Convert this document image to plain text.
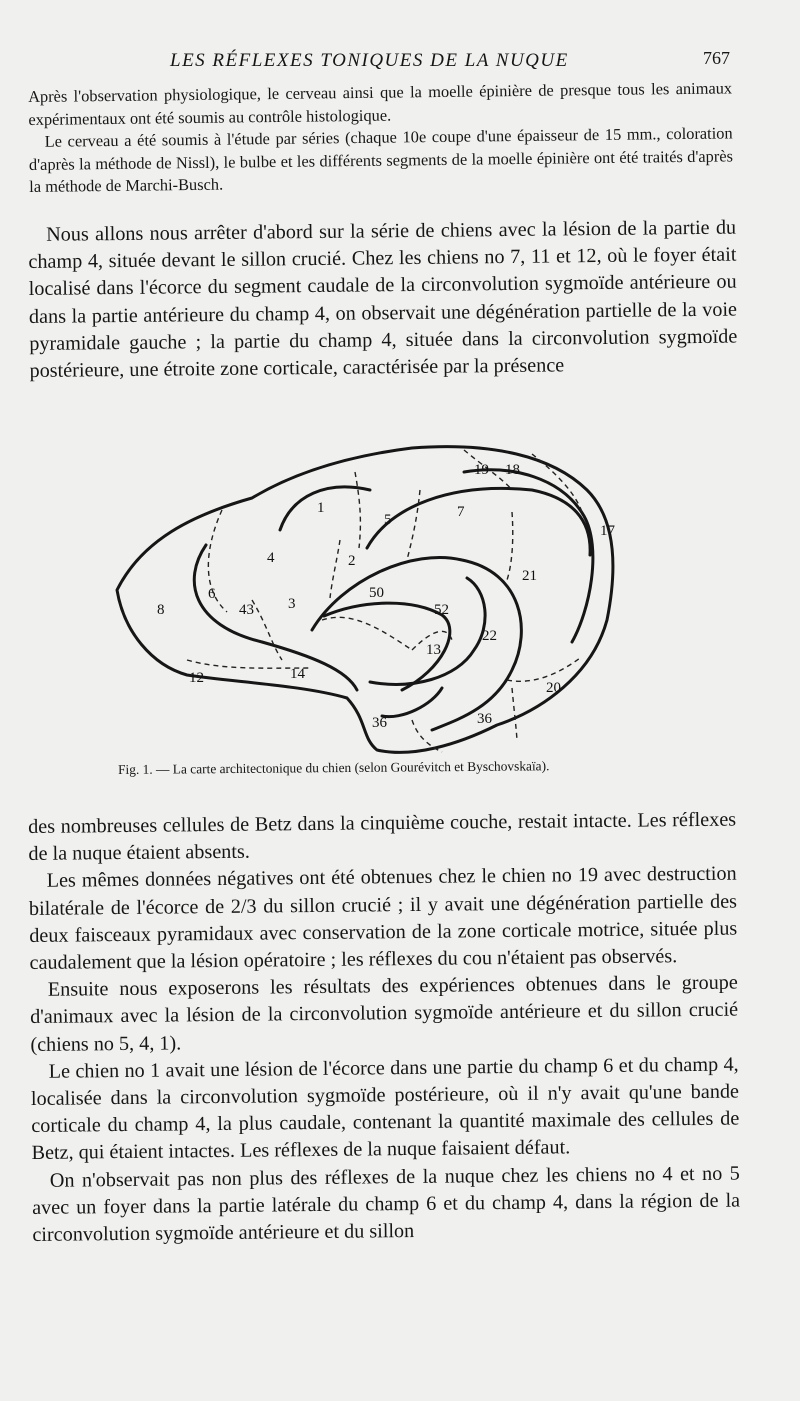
LES RÉFLEXES TONIQUES DE LA NUQUE	767

Après l'observation physiologique, le cerveau ainsi que la moelle épinière de presque tous les animaux expérimentaux ont été soumis au contrôle histologique.

Le cerveau a été soumis à l'étude par séries (chaque 10e coupe d'une épaisseur de 15 mm., coloration d'après la méthode de Nissl), le bulbe et les différents segments de la moelle épinière ont été traités d'après la méthode de Marchi-Busch.

Nous allons nous arrêter d'abord sur la série de chiens avec la lésion de la partie du champ 4, située devant le sillon crucié. Chez les chiens no 7, 11 et 12, où le foyer était localisé dans l'écorce du segment caudale de la circonvolution sygmoïde antérieure ou dans la partie antérieure du champ 4, on observait une dégénération partielle de la voie pyramidale gauche ; la partie du champ 4, située dans la circonvolution sygmoïde postérieure, une étroite zone corticale, caractérisée par la présence

1
2
3
4
5
6
7
8
12
13
14
17
18
19
20
21
22
36	36
43
50
52
Fig. 1. — La carte architectonique du chien (selon Gourévitch et Byschovskaïa).

des nombreuses cellules de Betz dans la cinquième couche, restait intacte. Les réflexes de la nuque étaient absents.

Les mêmes données négatives ont été obtenues chez le chien no 19 avec destruction bilatérale de l'écorce de 2/3 du sillon crucié ; il y avait une dégénération partielle des deux faisceaux pyramidaux avec conservation de la zone corticale motrice, située plus caudalement que la lésion opératoire ; les réflexes du cou n'étaient pas observés.

Ensuite nous exposerons les résultats des expériences obtenues dans le groupe d'animaux avec la lésion de la circonvolution sygmoïde antérieure et du sillon crucié (chiens no 5, 4, 1).

Le chien no 1 avait une lésion de l'écorce dans une partie du champ 6 et du champ 4, localisée dans la circonvolution sygmoïde postérieure, où il n'y avait qu'une bande corticale du champ 4, la plus caudale, contenant la quantité maximale des cellules de Betz, qui étaient intactes. Les réflexes de la nuque faisaient défaut.

On n'observait pas non plus des réflexes de la nuque chez les chiens no 4 et no 5 avec un foyer dans la partie latérale du champ 6 et du champ 4, dans la région de la circonvolution sygmoïde antérieure et du sillon
